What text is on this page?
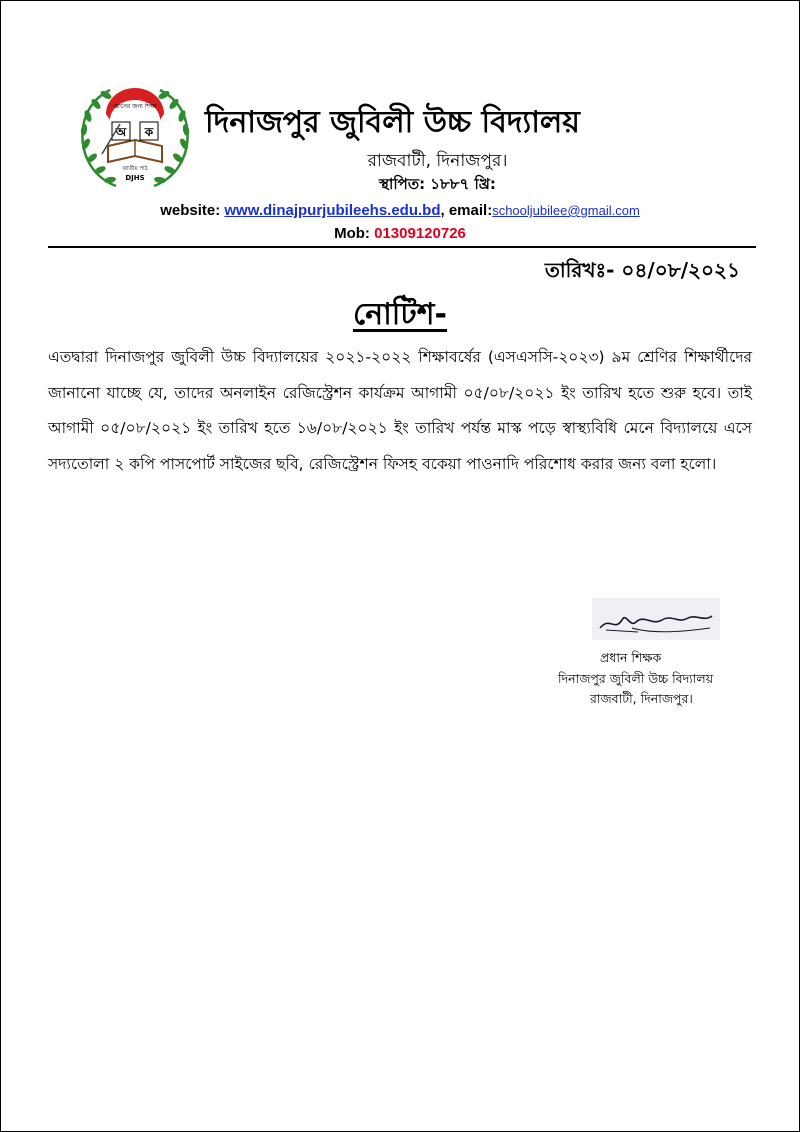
জ্ঞানের জন্য শিক্ষা
অ ক
জাতীয় পাঠ
DJHS
দিনাজপুর জুবিলী উচ্চ বিদ্যালয়
রাজবাটী, দিনাজপুর।
স্থাপিত: ১৮৮৭ খ্রি:
website: www.dinajpurjubileehs.edu.bd, email:schooljubilee@gmail.com
Mob: 01309120726
তারিখঃ- ০৪/০৮/২০২১
নোটিশ-
এতদ্বারা দিনাজপুর জুবিলী উচ্চ বিদ্যালয়ের ২০২১-২০২২ শিক্ষাবর্ষের (এসএসসি-২০২৩) ৯ম শ্রেণির শিক্ষার্থীদের জানানো যাচ্ছে যে, তাদের অনলাইন রেজিস্ট্রেশন কার্যক্রম আগামী ০৫/০৮/২০২১ ইং তারিখ হতে শুরু হবে। তাই আগামী ০৫/০৮/২০২১ ইং তারিখ হতে ১৬/০৮/২০২১ ইং তারিখ পর্যন্ত মাস্ক পড়ে স্বাস্থ্যবিধি মেনে বিদ্যালয়ে এসে সদ্যতোলা ২ কপি পাসপোর্ট সাইজের ছবি, রেজিস্ট্রেশন ফিসহ বকেয়া পাওনাদি পরিশোধ করার জন্য বলা হলো।
প্রধান শিক্ষক
দিনাজপুর জুবিলী উচ্চ বিদ্যালয়
রাজবাটী, দিনাজপুর।
